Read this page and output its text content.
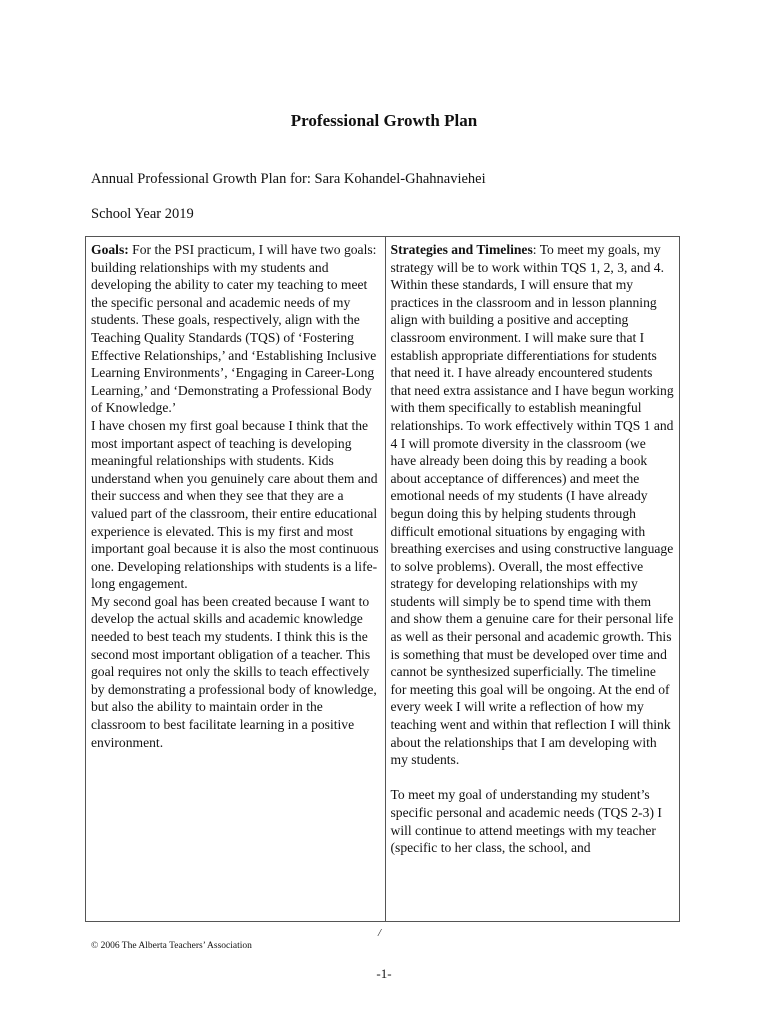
Professional Growth Plan
Annual Professional Growth Plan for: Sara Kohandel-Ghahnaviehei
School Year 2019
Goals: For the PSI practicum, I will have two goals: building relationships with my students and developing the ability to cater my teaching to meet the specific personal and academic needs of my students. These goals, respectively, align with the Teaching Quality Standards (TQS) of ‘Fostering Effective Relationships,’ and ‘Establishing Inclusive Learning Environments’, ‘Engaging in Career-Long Learning,’ and ‘Demonstrating a Professional Body of Knowledge.’
I have chosen my first goal because I think that the most important aspect of teaching is developing meaningful relationships with students. Kids understand when you genuinely care about them and their success and when they see that they are a valued part of the classroom, their entire educational experience is elevated. This is my first and most important goal because it is also the most continuous one. Developing relationships with students is a life-long engagement.
My second goal has been created because I want to develop the actual skills and academic knowledge needed to best teach my students. I think this is the second most important obligation of a teacher. This goal requires not only the skills to teach effectively by demonstrating a professional body of knowledge, but also the ability to maintain order in the classroom to best facilitate learning in a positive environment.

Strategies and Timelines: To meet my goals, my strategy will be to work within TQS 1, 2, 3, and 4. Within these standards, I will ensure that my practices in the classroom and in lesson planning align with building a positive and accepting classroom environment. I will make sure that I establish appropriate differentiations for students that need it. I have already encountered students that need extra assistance and I have begun working with them specifically to establish meaningful relationships. To work effectively within TQS 1 and 4 I will promote diversity in the classroom (we have already been doing this by reading a book about acceptance of differences) and meet the emotional needs of my students (I have already begun doing this by helping students through difficult emotional situations by engaging with breathing exercises and using constructive language to solve problems). Overall, the most effective strategy for developing relationships with my students will simply be to spend time with them and show them a genuine care for their personal life as well as their personal and academic growth. This is something that must be developed over time and cannot be synthesized superficially. The timeline for meeting this goal will be ongoing. At the end of every week I will write a reflection of how my teaching went and within that reflection I will think about the relationships that I am developing with my students.
To meet my goal of understanding my student’s specific personal and academic needs (TQS 2-3) I will continue to attend meetings with my teacher (specific to her class, the school, and
/
© 2006 The Alberta Teachers’ Association
-1-
